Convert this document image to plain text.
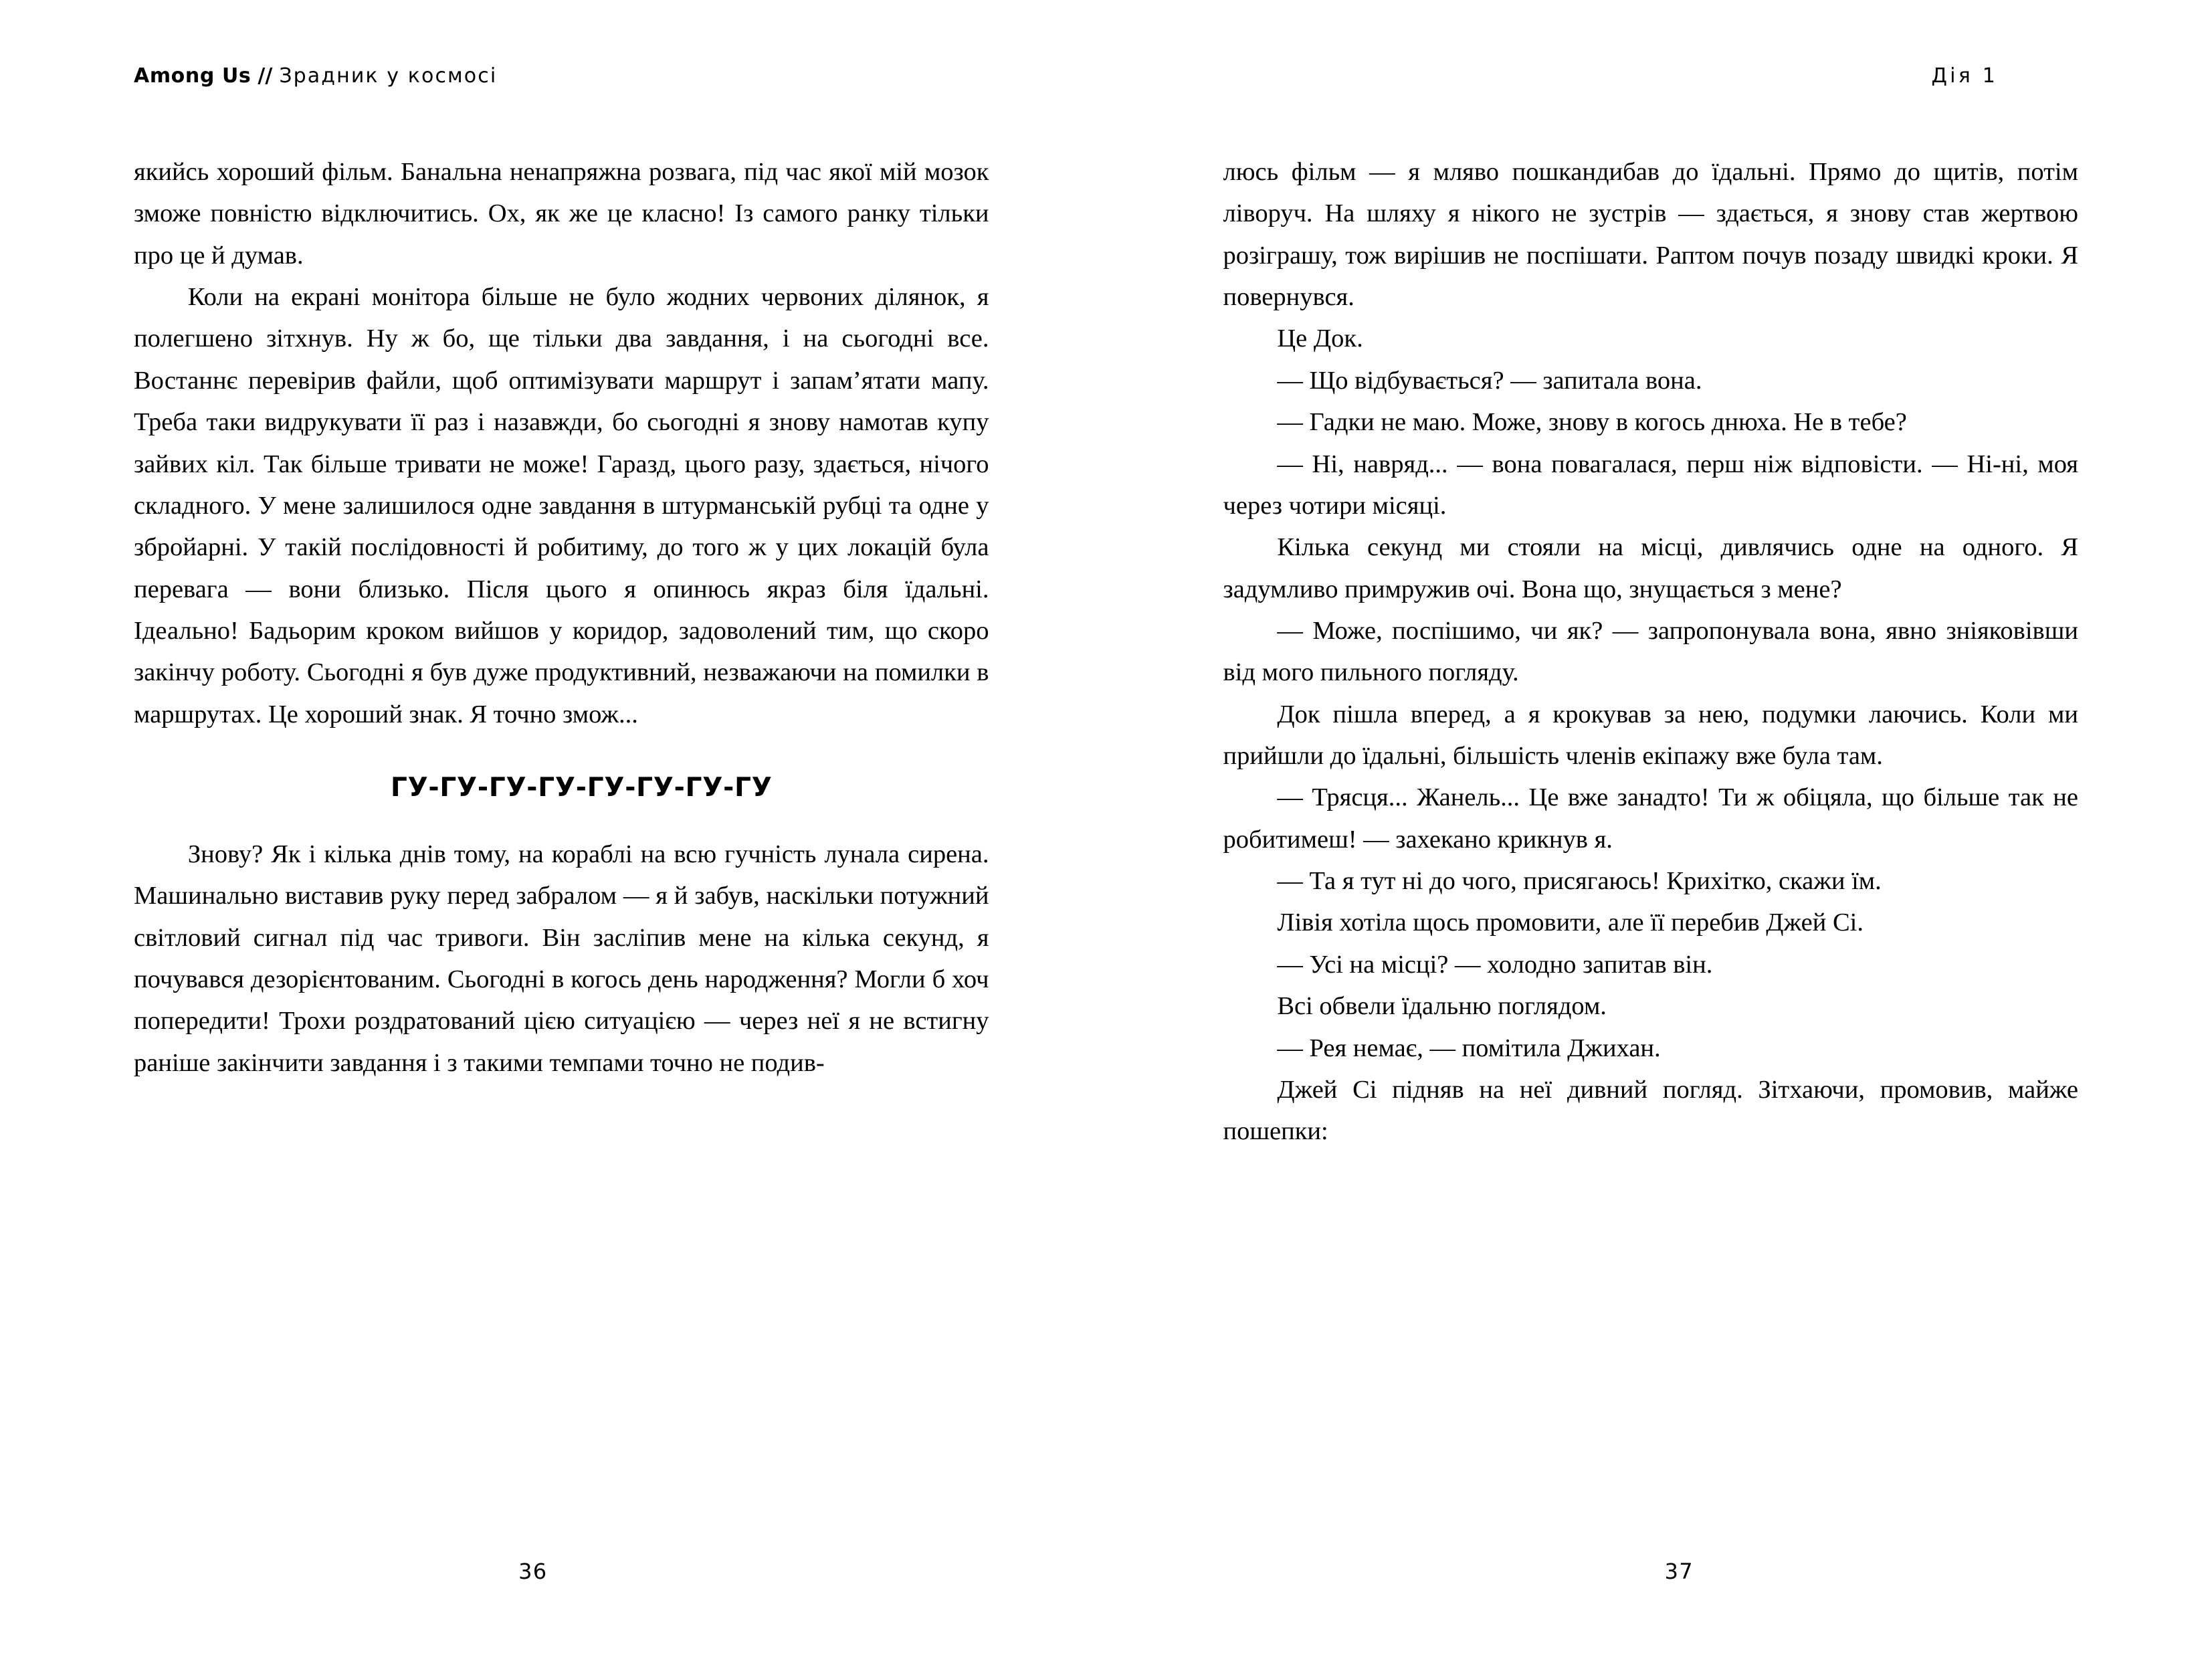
Among Us // Зрадник у космосі

якийсь хороший фільм. Банальна ненапряжна розвага, під час якої мій мозок зможе повністю відключитись. Ох, як же це класно! Із самого ранку тільки про це й думав.

Коли на екрані монітора більше не було жодних червоних ділянок, я полегшено зітхнув. Ну ж бо, ще тільки два завдання, і на сьогодні все. Востаннє перевірив файли, щоб оптимізувати маршрут і запам’ятати мапу. Треба таки видрукувати її раз і назавжди, бо сьогодні я знову намотав купу зайвих кіл. Так більше тривати не може! Гаразд, цього разу, здається, нічого складного. У мене залишилося одне завдання в штурманській рубці та одне у збройарні. У такій послідовності й робитиму, до того ж у цих локацій була перевага — вони близько. Після цього я опинюсь якраз біля їдальні. Ідеально! Бадьорим кроком вийшов у коридор, задоволений тим, що скоро закінчу роботу. Сьогодні я був дуже продуктивний, незважаючи на помилки в маршрутах. Це хороший знак. Я точно змож...

ГУ-ГУ-ГУ-ГУ-ГУ-ГУ-ГУ-ГУ

Знову? Як і кілька днів тому, на кораблі на всю гучність лунала сирена. Машинально виставив руку перед забралом — я й забув, наскільки потужний світловий сигнал під час тривоги. Він засліпив мене на кілька секунд, я почувався дезорієнтованим. Сьогодні в когось день народження? Могли б хоч попередити! Трохи роздратований цією ситуацією — через неї я не встигну раніше закінчити завдання і з такими темпами точно не подив-

36
Дія 1

люсь фільм — я мляво пошкандибав до їдальні. Прямо до щитів, потім ліворуч. На шляху я нікого не зустрів — здається, я знову став жертвою розіграшу, тож вирішив не поспішати. Раптом почув позаду швидкі кроки. Я повернувся.

Це Док.

— Що відбувається? — запитала вона.

— Гадки не маю. Може, знову в когось днюха. Не в тебе?

— Ні, навряд... — вона повагалася, перш ніж відповісти. — Ні-ні, моя через чотири місяці.

Кілька секунд ми стояли на місці, дивлячись одне на одного. Я задумливо примружив очі. Вона що, знущається з мене?

— Може, поспішимо, чи як? — запропонувала вона, явно зніяковівши від мого пильного погляду.

Док пішла вперед, а я крокував за нею, подумки лаючись. Коли ми прийшли до їдальні, більшість членів екіпажу вже була там.

— Трясця... Жанель... Це вже занадто! Ти ж обіцяла, що більше так не робитимеш! — захекано крикнув я.

— Та я тут ні до чого, присягаюсь! Крихітко, скажи їм.

Лівія хотіла щось промовити, але її перебив Джей Сі.

— Усі на місці? — холодно запитав він.

Всі обвели їдальню поглядом.

— Рея немає, — помітила Джихан.

Джей Сі підняв на неї дивний погляд. Зітхаючи, промовив, майже пошепки:

37
